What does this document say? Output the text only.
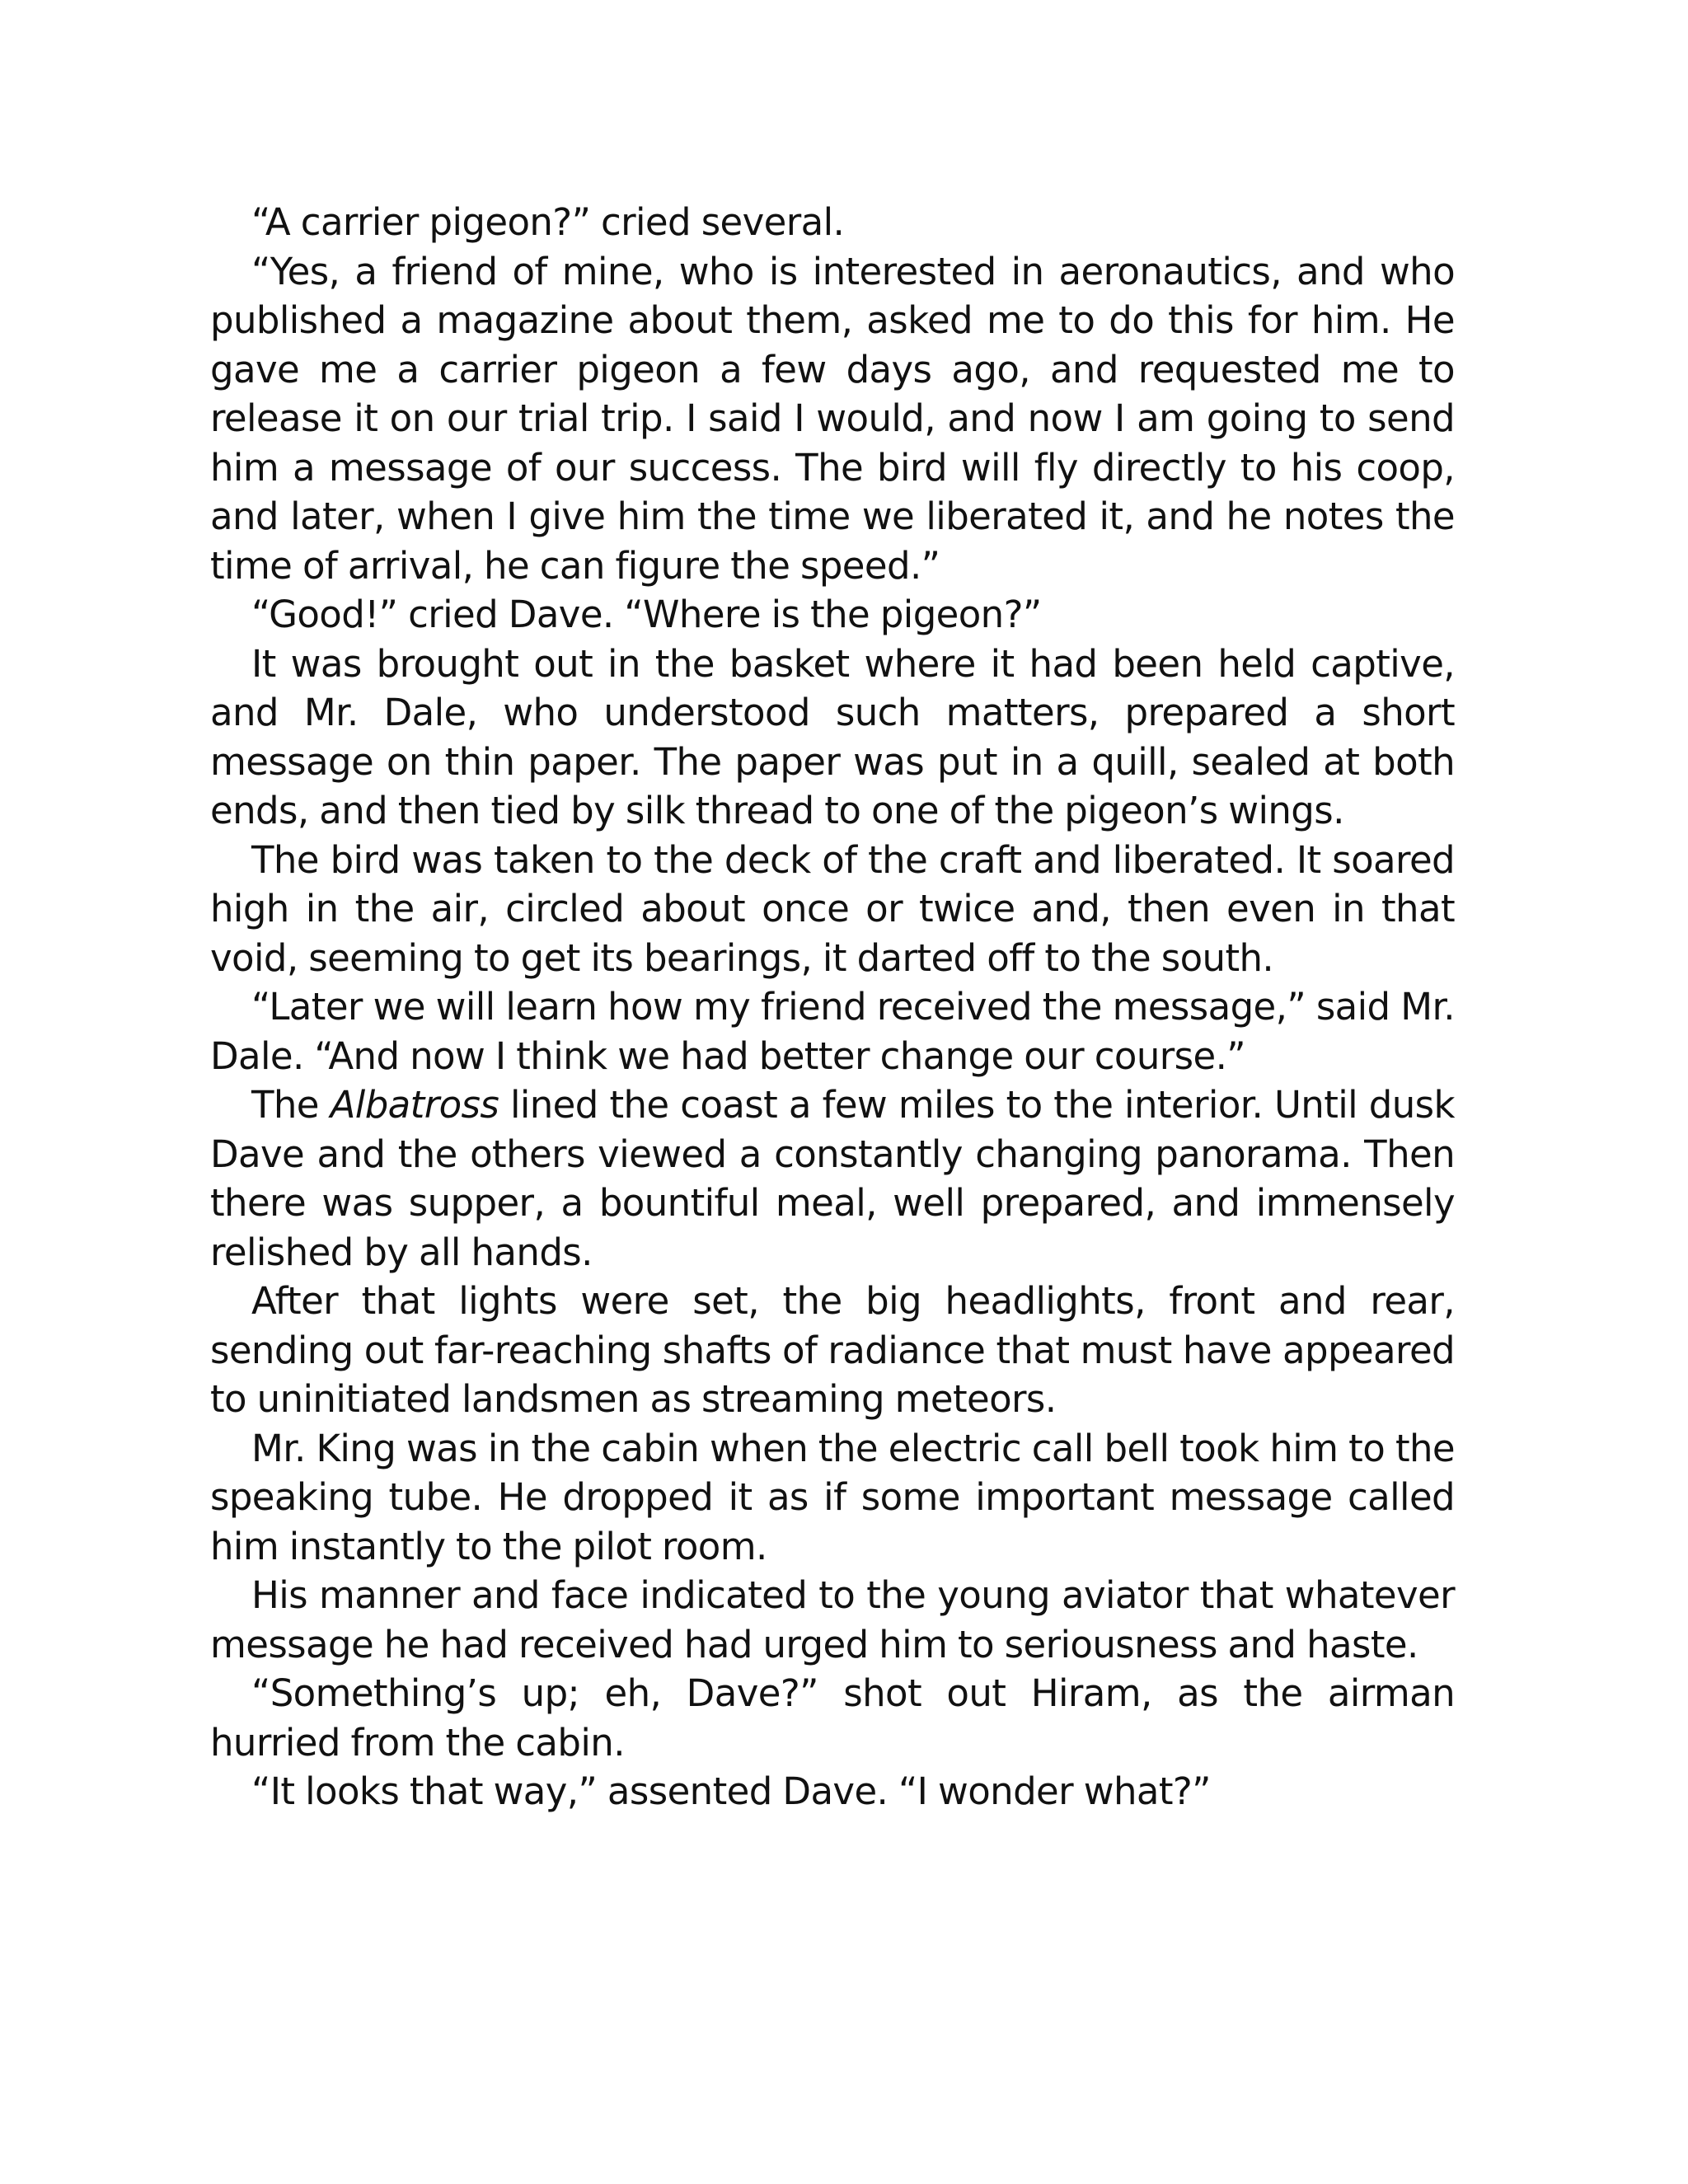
“A carrier pigeon?” cried several.

“Yes, a friend of mine, who is interested in aeronautics, and who published a magazine about them, asked me to do this for him. He gave me a carrier pigeon a few days ago, and requested me to release it on our trial trip. I said I would, and now I am going to send him a message of our success. The bird will fly directly to his coop, and later, when I give him the time we liberated it, and he notes the time of arrival, he can figure the speed.”

“Good!” cried Dave. “Where is the pigeon?”

It was brought out in the basket where it had been held captive, and Mr. Dale, who understood such matters, prepared a short message on thin paper. The paper was put in a quill, sealed at both ends, and then tied by silk thread to one of the pigeon’s wings.

The bird was taken to the deck of the craft and liberated. It soared high in the air, circled about once or twice and, then even in that void, seeming to get its bearings, it darted off to the south.

“Later we will learn how my friend received the message,” said Mr. Dale. “And now I think we had better change our course.”

The Albatross lined the coast a few miles to the interior. Until dusk Dave and the others viewed a constantly changing panorama. Then there was supper, a bountiful meal, well prepared, and immensely relished by all hands.

After that lights were set, the big headlights, front and rear, sending out far-reaching shafts of radiance that must have appeared to uninitiated landsmen as streaming meteors.

Mr. King was in the cabin when the electric call bell took him to the speaking tube. He dropped it as if some important message called him instantly to the pilot room.

His manner and face indicated to the young aviator that whatever message he had received had urged him to seriousness and haste.

“Something’s up; eh, Dave?” shot out Hiram, as the airman hurried from the cabin.

“It looks that way,” assented Dave. “I wonder what?”
